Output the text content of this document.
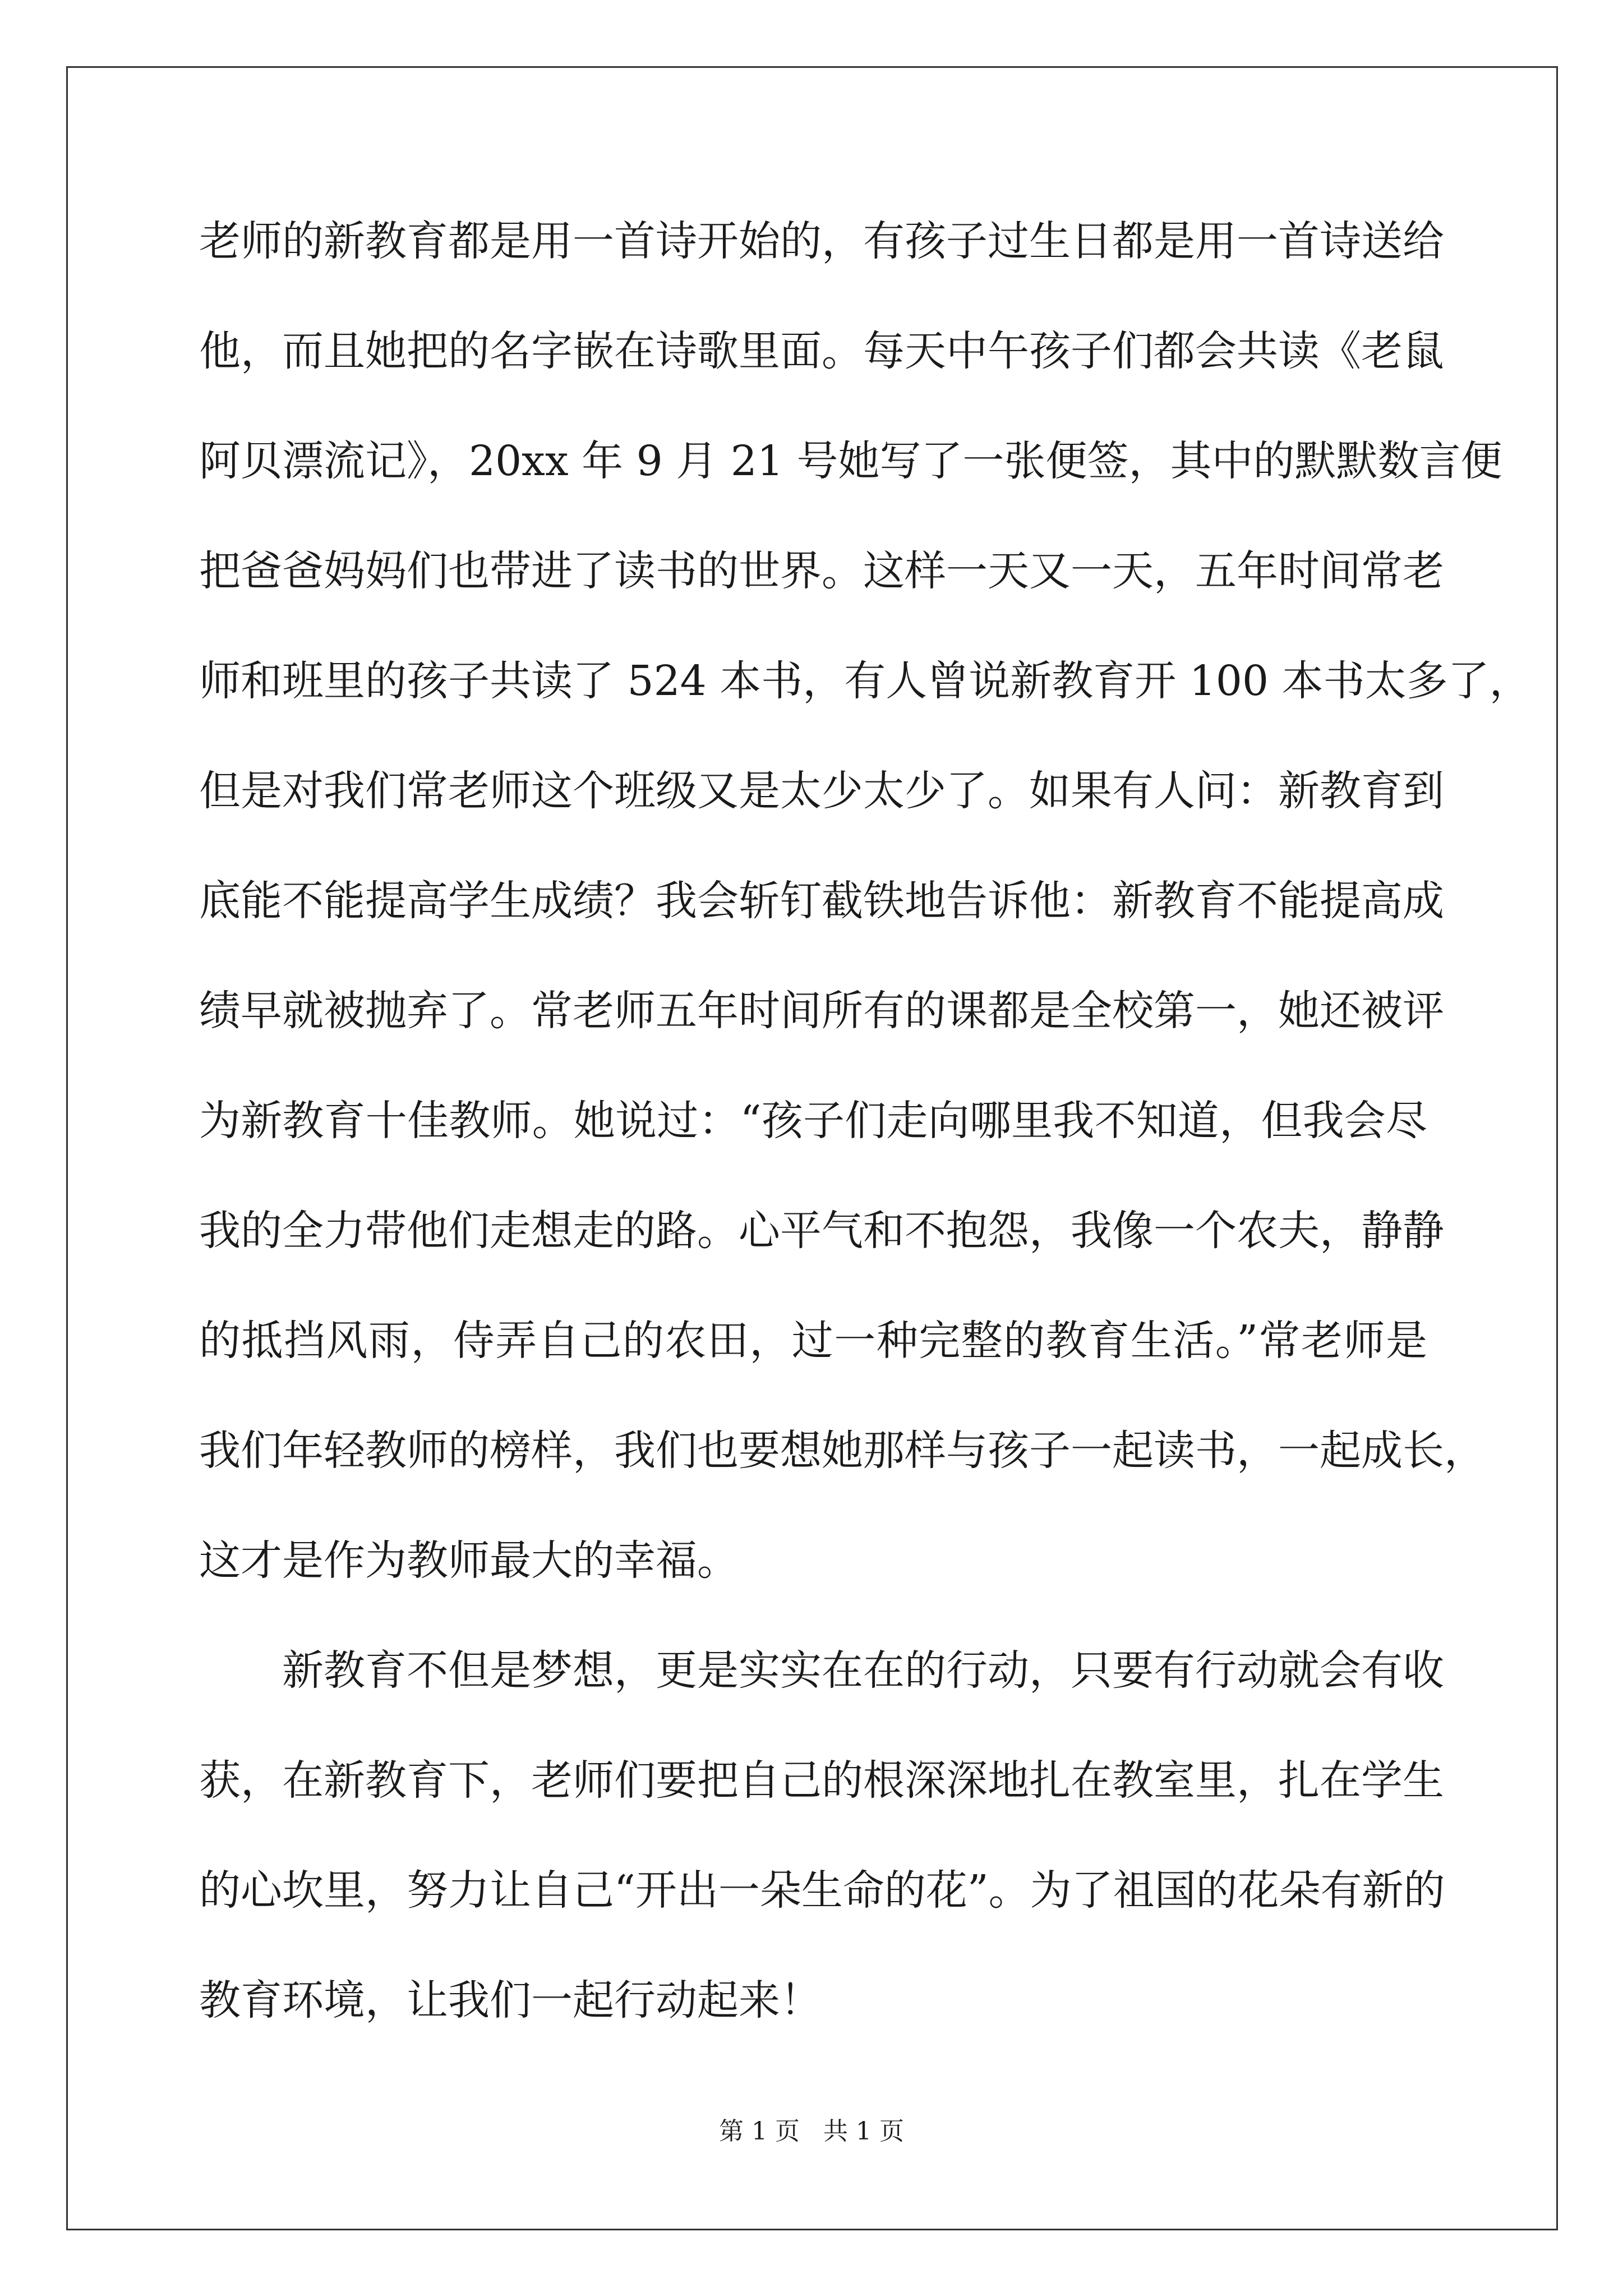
老师的新教育都是用一首诗开始的，有孩子过生日都是用一首诗送给
他，而且她把的名字嵌在诗歌里面。每天中午孩子们都会共读《老鼠
阿贝漂流记》，20xx 年 9 月 21 号她写了一张便签，其中的默默数言便
把爸爸妈妈们也带进了读书的世界。这样一天又一天，五年时间常老
师和班里的孩子共读了 524 本书，有人曾说新教育开 100 本书太多了，
但是对我们常老师这个班级又是太少太少了。如果有人问：新教育到
底能不能提高学生成绩？我会斩钉截铁地告诉他：新教育不能提高成
绩早就被抛弃了。常老师五年时间所有的课都是全校第一，她还被评
为新教育十佳教师。她说过：“孩子们走向哪里我不知道，但我会尽
我的全力带他们走想走的路。心平气和不抱怨，我像一个农夫，静静
的抵挡风雨，侍弄自己的农田，过一种完整的教育生活。”常老师是
我们年轻教师的榜样，我们也要想她那样与孩子一起读书，一起成长，
这才是作为教师最大的幸福。
　　新教育不但是梦想，更是实实在在的行动，只要有行动就会有收
获，在新教育下，老师们要把自己的根深深地扎在教室里，扎在学生
的心坎里，努力让自己“开出一朵生命的花”。为了祖国的花朵有新的
教育环境，让我们一起行动起来！
第 1 页 共 1 页
